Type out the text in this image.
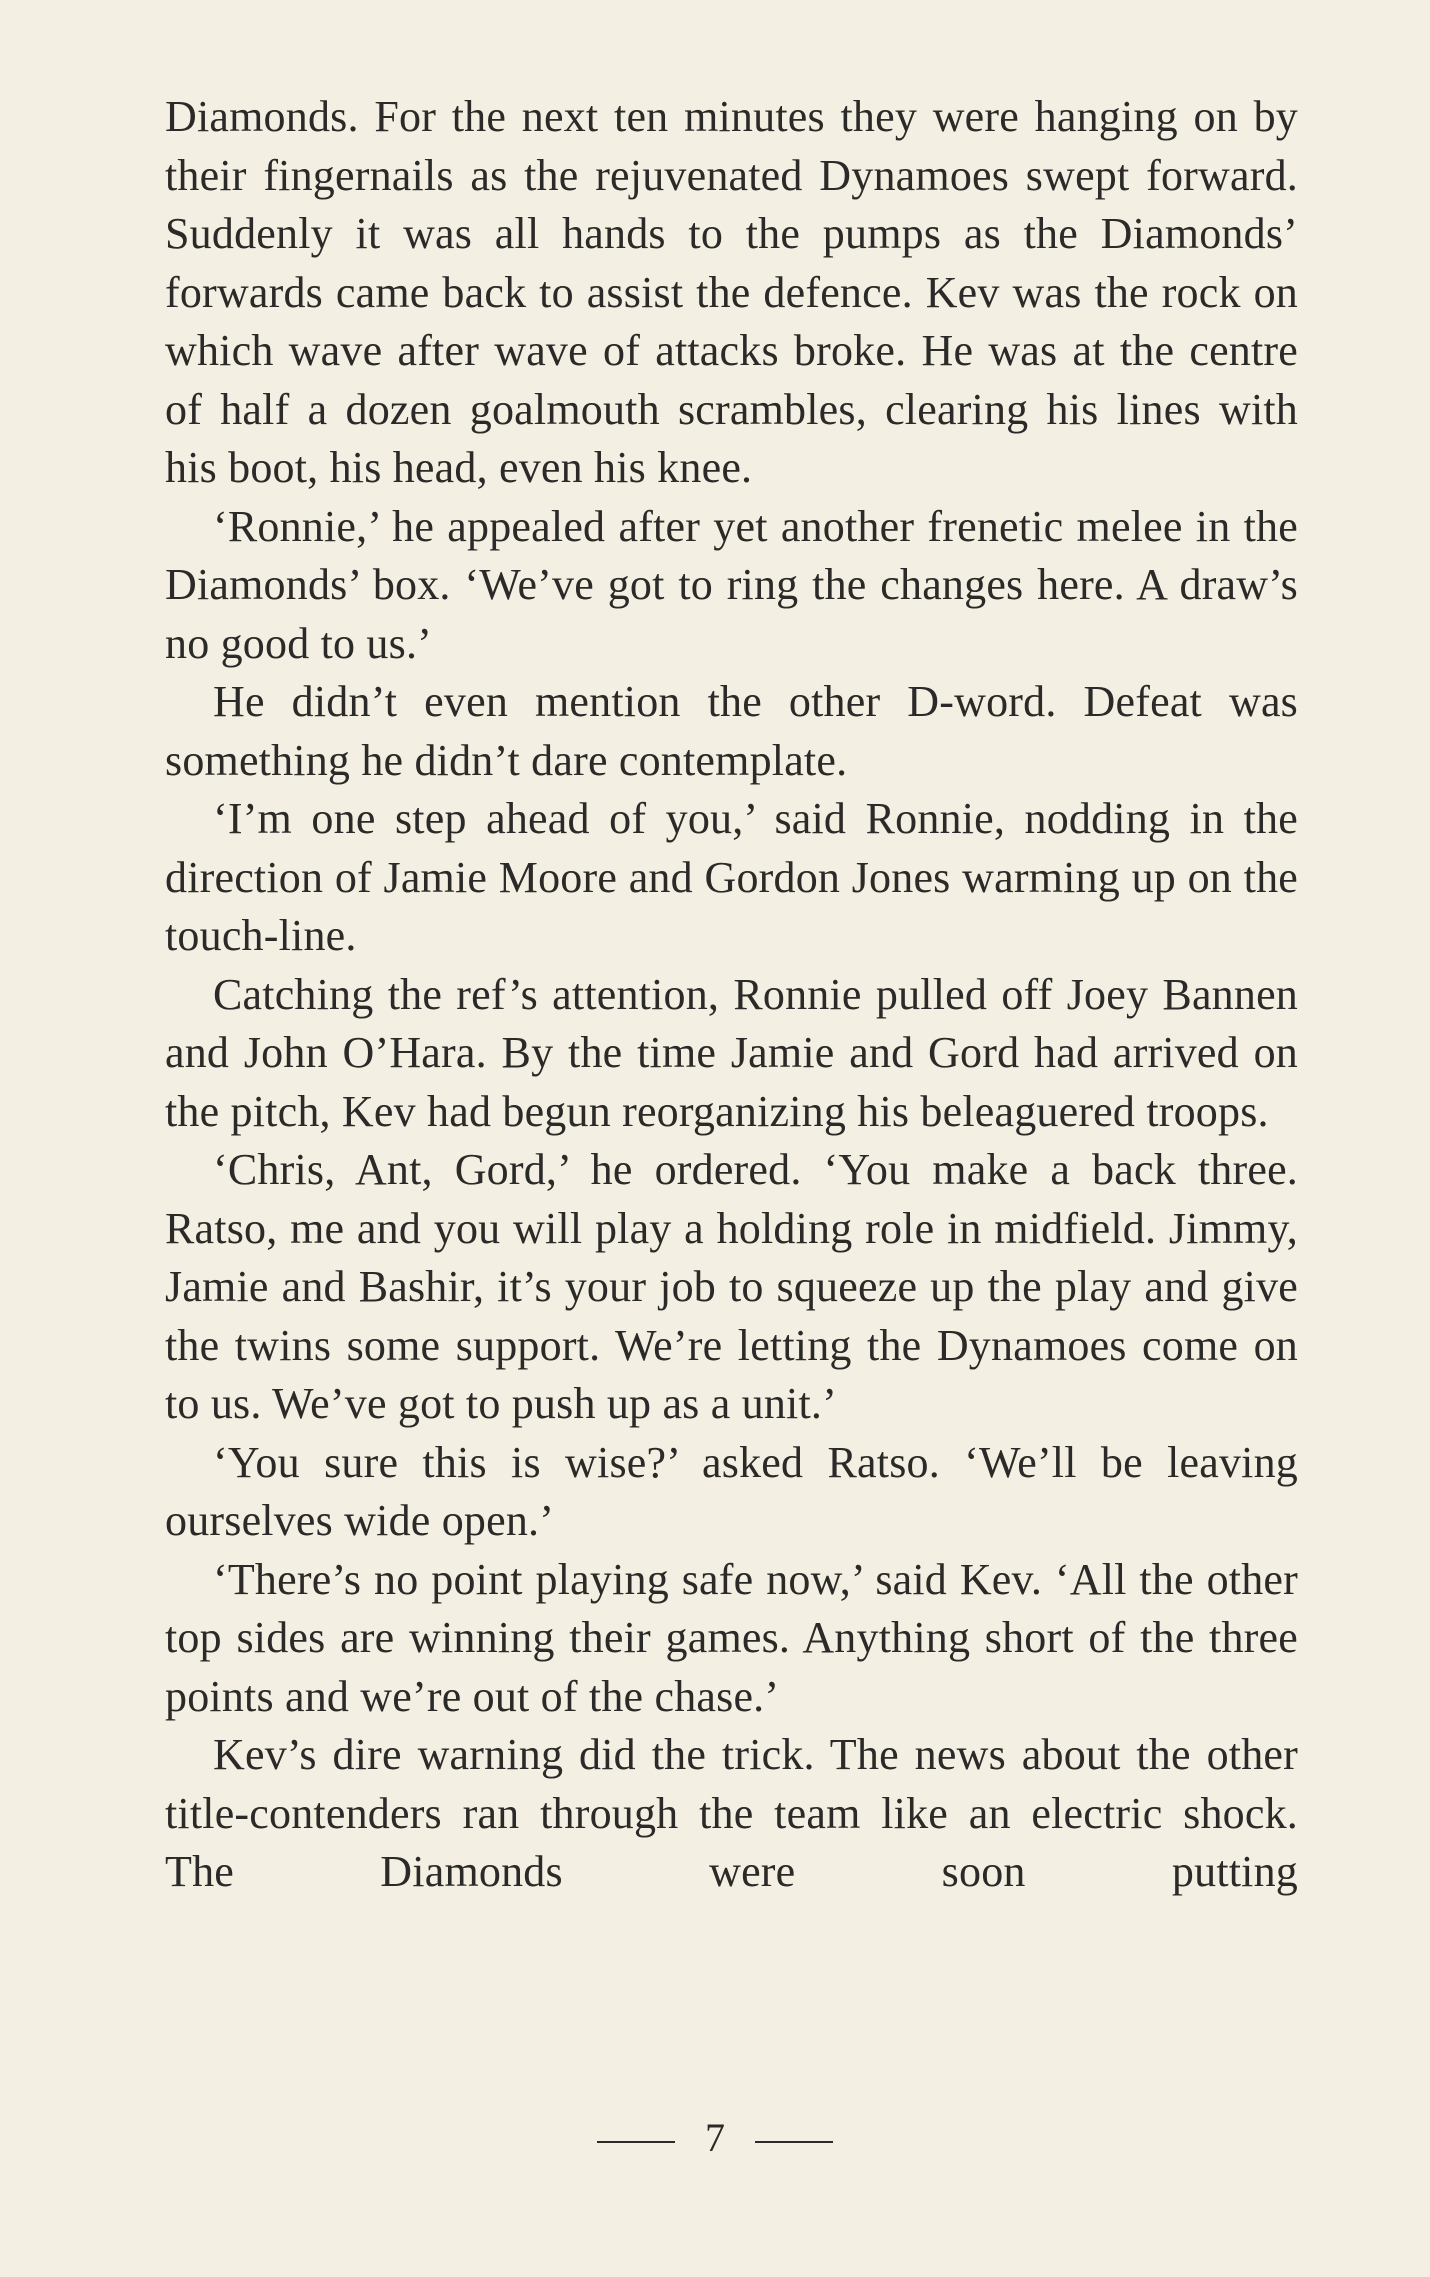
Diamonds. For the next ten minutes they were hanging on by their fingernails as the rejuvenated Dynamoes swept forward. Suddenly it was all hands to the pumps as the Diamonds’ forwards came back to assist the defence. Kev was the rock on which wave after wave of attacks broke. He was at the centre of half a dozen goalmouth scrambles, clearing his lines with his boot, his head, even his knee.

‘Ronnie,’ he appealed after yet another frenetic melee in the Diamonds’ box. ‘We’ve got to ring the changes here. A draw’s no good to us.’

He didn’t even mention the other D-word. Defeat was something he didn’t dare contemplate.

‘I’m one step ahead of you,’ said Ronnie, nodding in the direction of Jamie Moore and Gordon Jones warming up on the touch-line.

Catching the ref’s attention, Ronnie pulled off Joey Bannen and John O’Hara. By the time Jamie and Gord had arrived on the pitch, Kev had begun reorganizing his beleaguered troops.

‘Chris, Ant, Gord,’ he ordered. ‘You make a back three. Ratso, me and you will play a holding role in midfield. Jimmy, Jamie and Bashir, it’s your job to squeeze up the play and give the twins some support. We’re letting the Dynamoes come on to us. We’ve got to push up as a unit.’

‘You sure this is wise?’ asked Ratso. ‘We’ll be leaving ourselves wide open.’

‘There’s no point playing safe now,’ said Kev. ‘All the other top sides are winning their games. Anything short of the three points and we’re out of the chase.’

Kev’s dire warning did the trick. The news about the other title-contenders ran through the team like an electric shock. The Diamonds were soon putting

7
